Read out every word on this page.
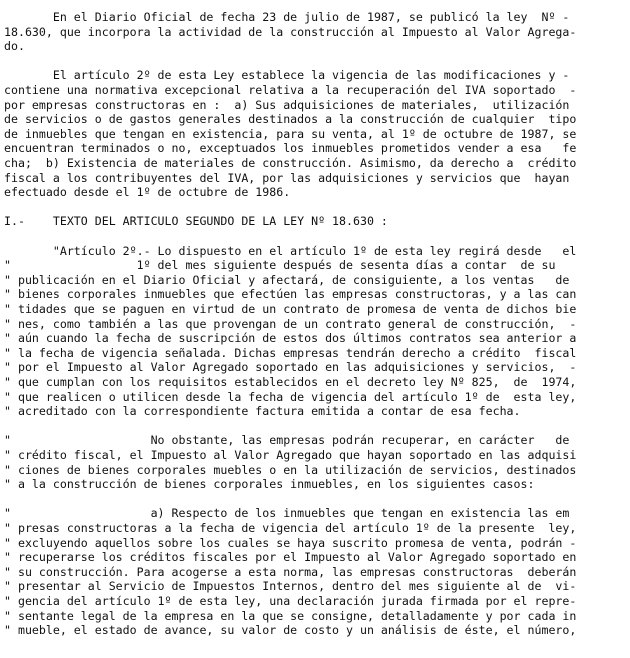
En el Diario Oficial de fecha 23 de julio de 1987, se publicó la ley  Nº -
18.630, que incorpora la actividad de la construcción al Impuesto al Valor Agrega-
do.
El artículo 2º de esta Ley establece la vigencia de las modificaciones y -
contiene una normativa excepcional relativa a la recuperación del IVA soportado  -
por empresas constructoras en :  a) Sus adquisiciones de materiales,  utilización
de servicios o de gastos generales destinados a la construcción de cualquier  tipo
de inmuebles que tengan en existencia, para su venta, al 1º de octubre de 1987, se
encuentran terminados o no, exceptuados los inmuebles prometidos vender a esa   fe
cha;  b) Existencia de materiales de construcción. Asimismo, da derecho a  crédito
fiscal a los contribuyentes del IVA, por las adquisiciones y servicios que  hayan
efectuado desde el 1º de octubre de 1986.
I.-    TEXTO DEL ARTICULO SEGUNDO DE LA LEY Nº 18.630 :
"Artículo 2º.- Lo dispuesto en el artículo 1º de esta ley regirá desde   el
"                  1º del mes siguiente después de sesenta días a contar  de su
" publicación en el Diario Oficial y afectará, de consiguiente, a los ventas   de
" bienes corporales inmuebles que efectúen las empresas constructoras, y a las can
" tidades que se paguen en virtud de un contrato de promesa de venta de dichos bie
" nes, como también a las que provengan de un contrato general de construcción,  -
" aún cuando la fecha de suscripción de estos dos últimos contratos sea anterior a
" la fecha de vigencia señalada. Dichas empresas tendrán derecho a crédito  fiscal
" por el Impuesto al Valor Agregado soportado en las adquisiciones y servicios,  -
" que cumplan con los requisitos establecidos en el decreto ley Nº 825,  de  1974,
" que realicen o utilicen desde la fecha de vigencia del artículo 1º de  esta ley,
" acreditado con la correspondiente factura emitida a contar de esa fecha.
"                    No obstante, las empresas podrán recuperar, en carácter   de
" crédito fiscal, el Impuesto al Valor Agregado que hayan soportado en las adquisi
" ciones de bienes corporales muebles o en la utilización de servicios, destinados
" a la construcción de bienes corporales inmuebles, en los siguientes casos:
"                    a) Respecto de los inmuebles que tengan en existencia las em
" presas constructoras a la fecha de vigencia del artículo 1º de la presente  ley,
" excluyendo aquellos sobre los cuales se haya suscrito promesa de venta, podrán -
" recuperarse los créditos fiscales por el Impuesto al Valor Agregado soportado en
" su construcción. Para acogerse a esta norma, las empresas constructoras  deberán
" presentar al Servicio de Impuestos Internos, dentro del mes siguiente al de  vi-
" gencia del artículo 1º de esta ley, una declaración jurada firmada por el repre-
" sentante legal de la empresa en la que se consigne, detalladamente y por cada in
" mueble, el estado de avance, su valor de costo y un análisis de éste, el número,
